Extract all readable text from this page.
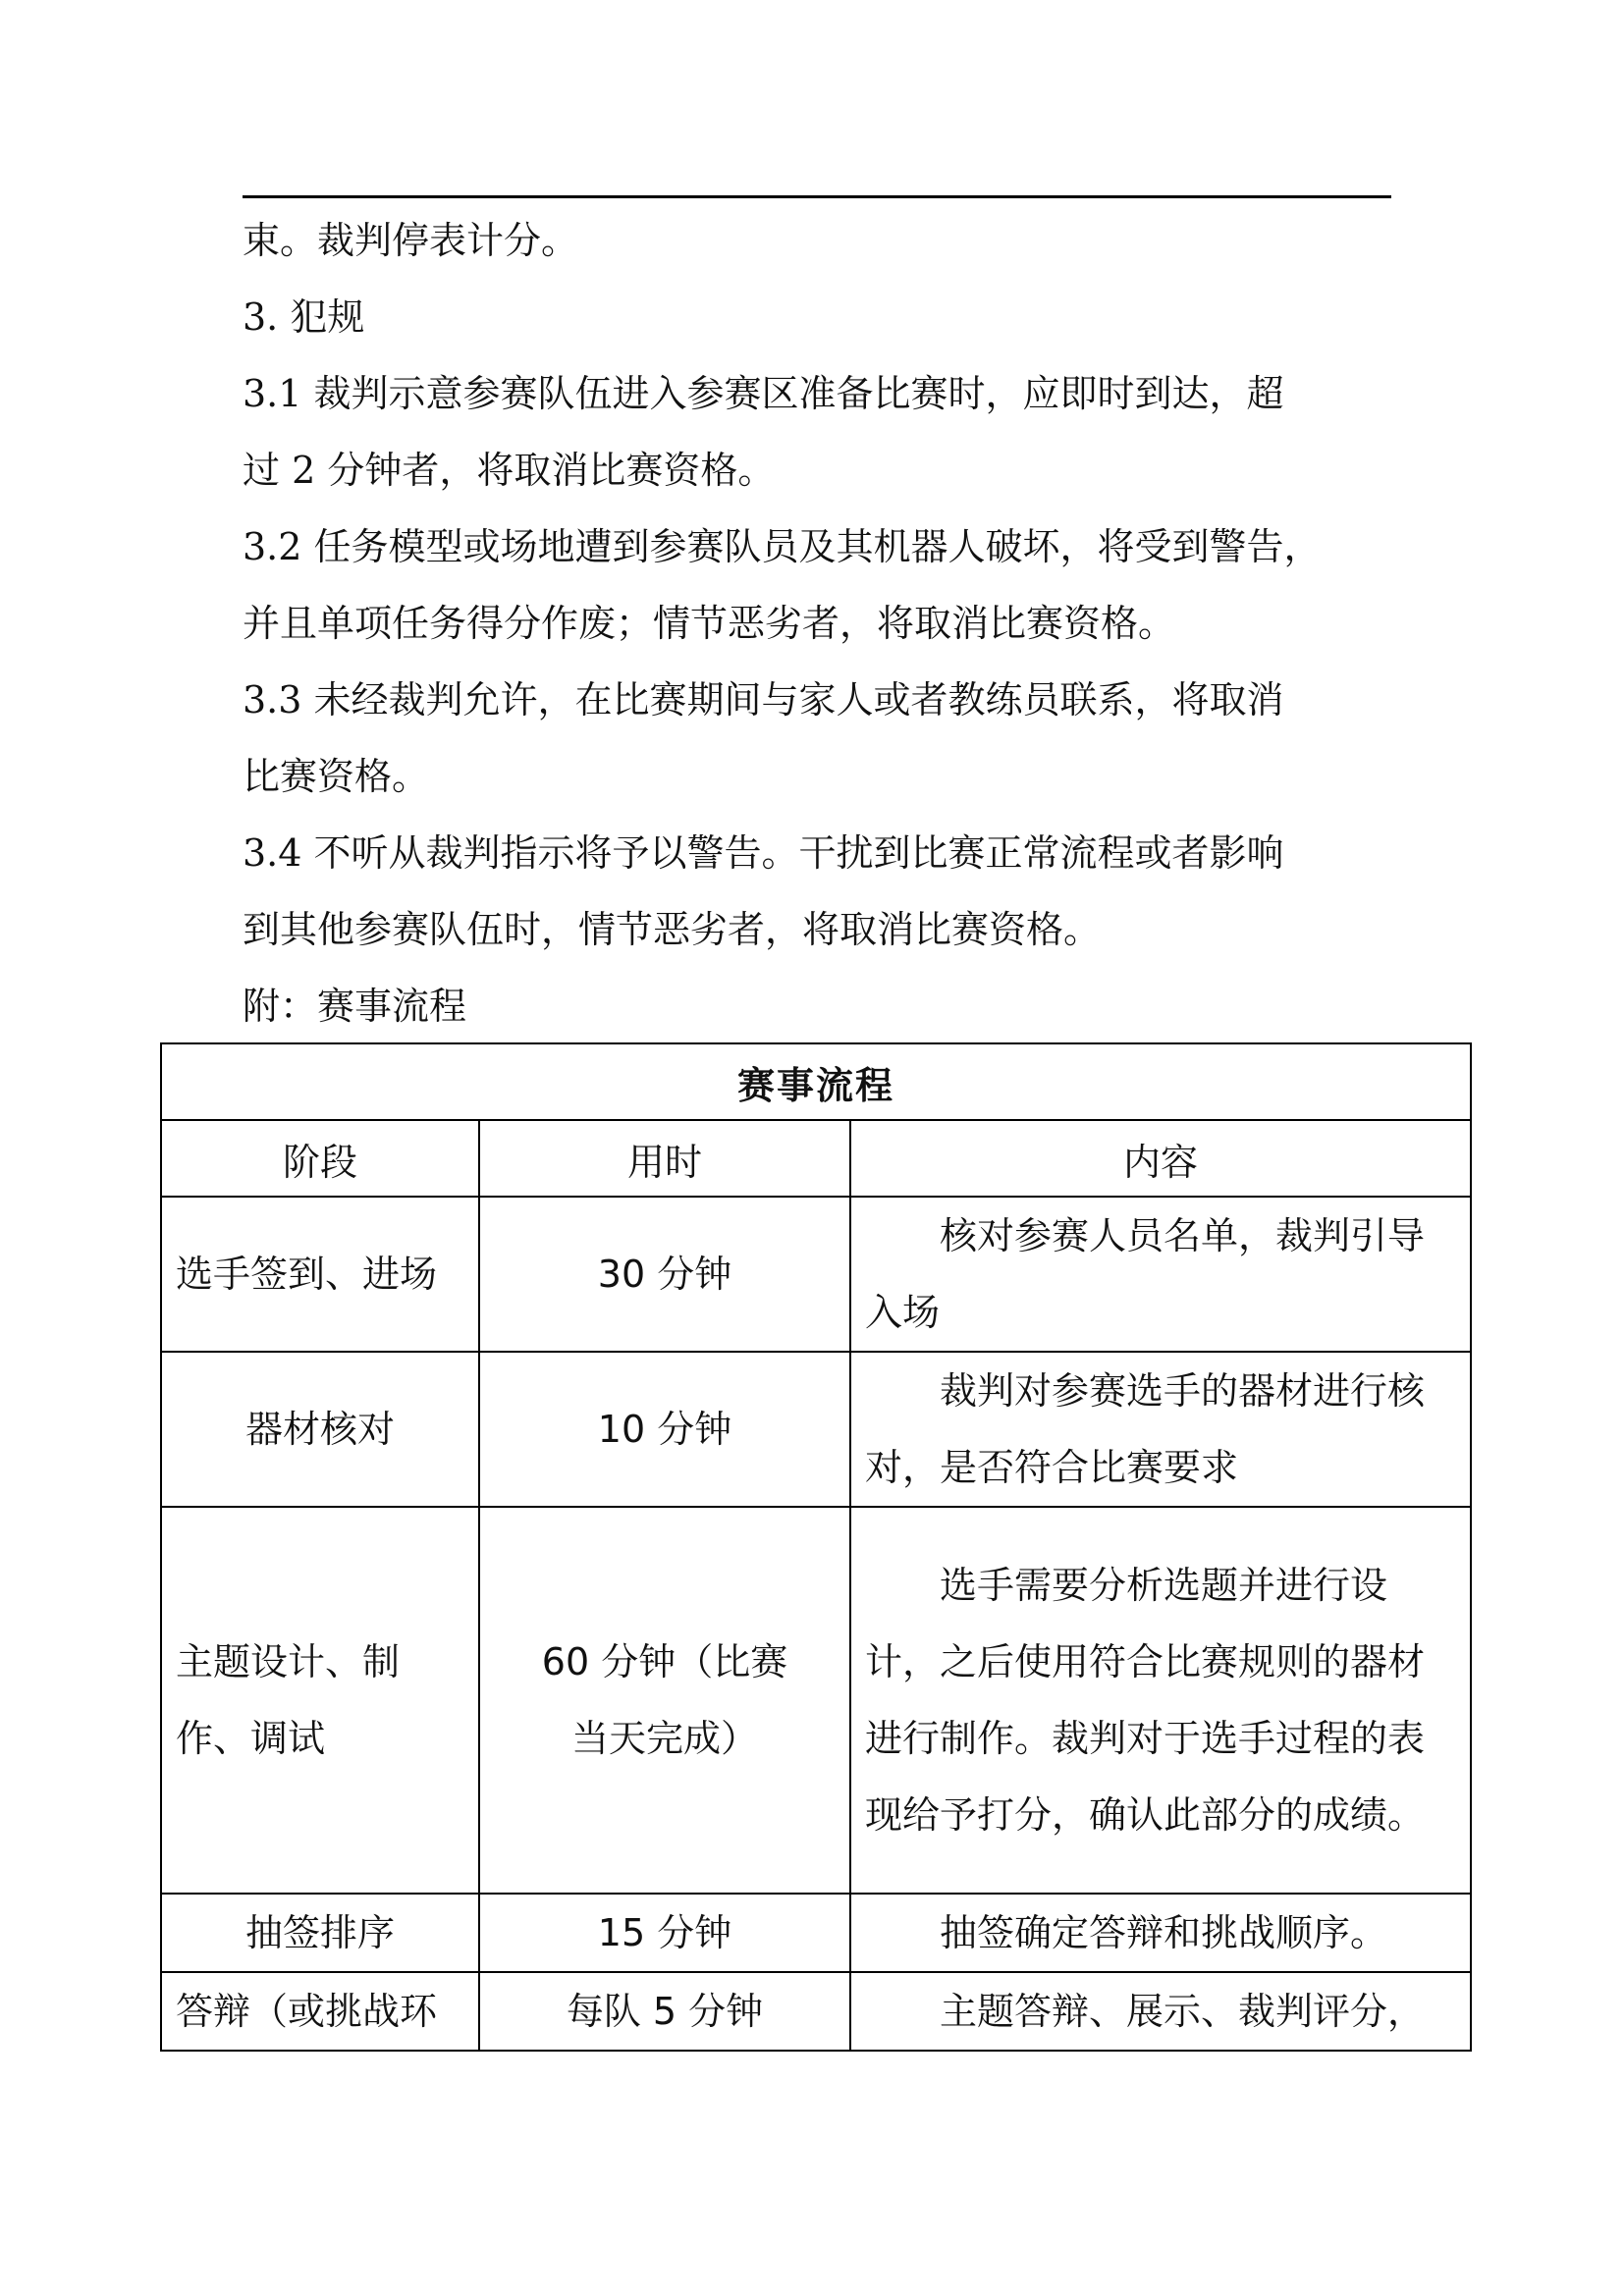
束。裁判停表计分。
3. 犯规
3.1 裁判示意参赛队伍进入参赛区准备比赛时，应即时到达，超
过 2 分钟者，将取消比赛资格。
3.2 任务模型或场地遭到参赛队员及其机器人破坏，将受到警告，
并且单项任务得分作废；情节恶劣者，将取消比赛资格。
3.3 未经裁判允许，在比赛期间与家人或者教练员联系，将取消
比赛资格。
3.4 不听从裁判指示将予以警告。干扰到比赛正常流程或者影响
到其他参赛队伍时，情节恶劣者，将取消比赛资格。
附：赛事流程
赛事流程		
阶段	用时	内容
选手签到、进场	30 分钟	核对参赛人员名单，裁判引导入场
器材核对	10 分钟	裁判对参赛选手的器材进行核对，是否符合比赛要求
主题设计、制作、调试	60 分钟（比赛当天完成）	选手需要分析选题并进行设计，之后使用符合比赛规则的器材进行制作。裁判对于选手过程的表现给予打分，确认此部分的成绩。
抽签排序	15 分钟	抽签确定答辩和挑战顺序。
答辩（或挑战环	每队 5 分钟	主题答辩、展示、裁判评分，
